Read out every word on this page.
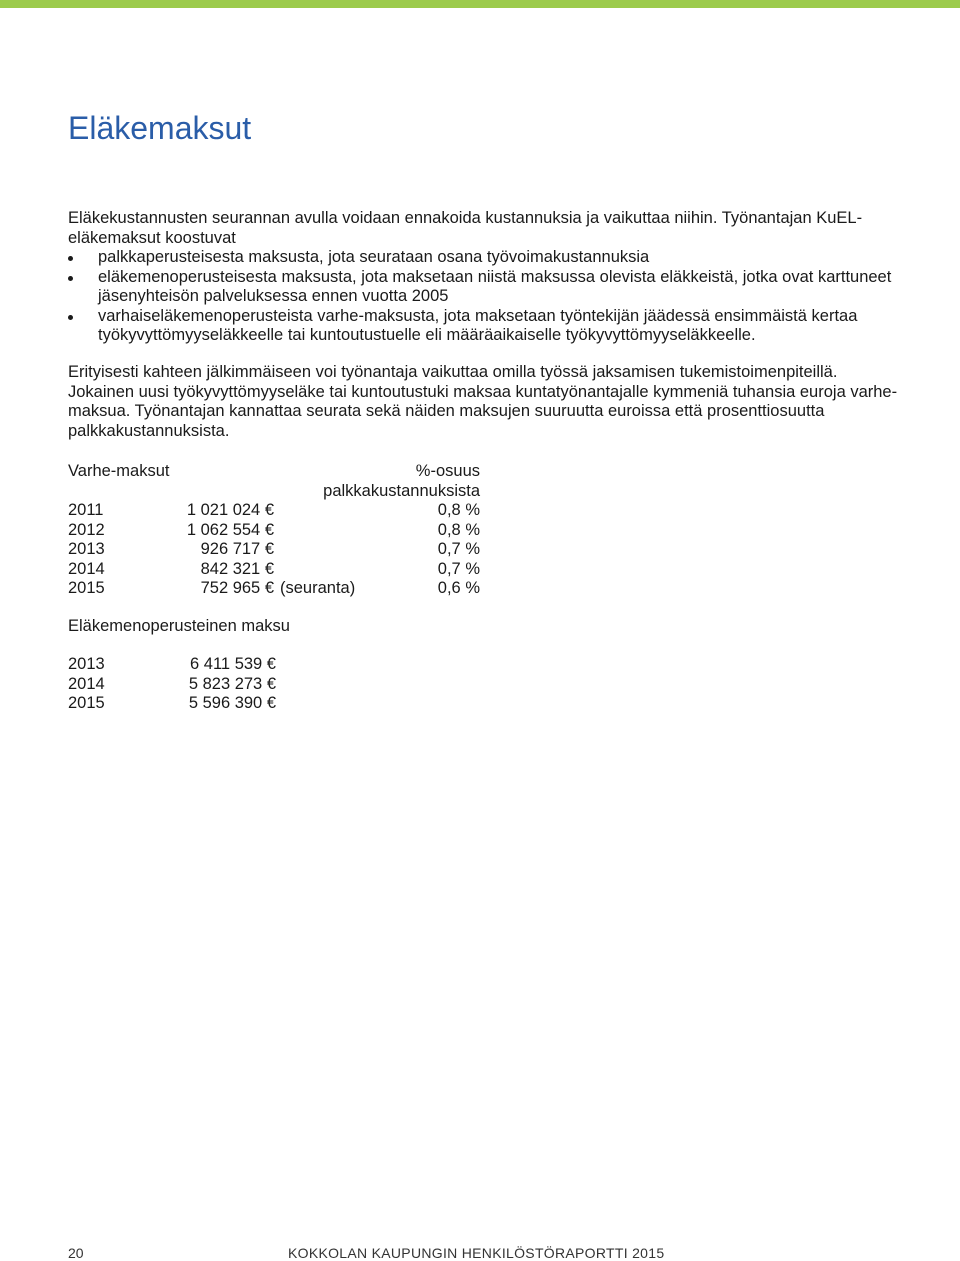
Eläkemaksut
Eläkekustannusten seurannan avulla voidaan ennakoida kustannuksia ja vaikuttaa niihin. Työnantajan KuEL-eläkemaksut koostuvat
palkkaperusteisesta maksusta, jota seurataan osana työvoimakustannuksia
eläkemenoperusteisesta maksusta, jota maksetaan niistä maksussa olevista eläkkeistä, jotka ovat karttuneet jäsenyhteisön palveluksessa ennen vuotta 2005
varhaiseläkemenoperusteista varhe-maksusta, jota maksetaan työntekijän jäädessä ensimmäistä kertaa työkyvyttömyyseläkkeelle tai kuntoutustuelle eli määräaikaiselle työkyvyttömyyseläkkeelle.
Erityisesti kahteen jälkimmäiseen voi työnantaja vaikuttaa omilla työssä jaksamisen tukemistoimenpiteillä. Jokainen uusi työkyvyttömyyseläke tai kuntoutustuki maksaa kuntatyönantajalle kymmeniä tuhansia euroja varhe-maksua. Työnantajan kannattaa seurata sekä näiden maksujen suuruutta euroissa että prosenttiosuutta palkkakustannuksista.
Varhe-maksut	%-osuus
palkkakustannuksista
2011	1 021 024 €	0,8 %
2012	1 062 554 €	0,8 %
2013	926 717 €	0,7 %
2014	842 321 €	0,7 %
2015	752 965 € (seuranta)	0,6 %
Eläkemenoperusteinen maksu
2013	6 411 539 €
2014	5 823 273 €
2015	5 596 390 €
20	KOKKOLAN KAUPUNGIN HENKILÖSTÖRAPORTTI 2015
